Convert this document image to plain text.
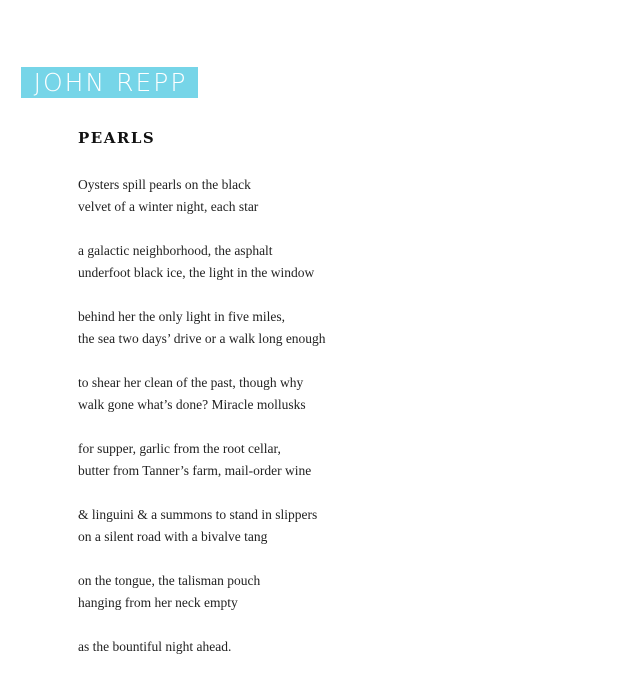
JOHN REPP
PEARLS

Oysters spill pearls on the black
velvet of a winter night, each star

a galactic neighborhood, the asphalt
underfoot black ice, the light in the window

behind her the only light in five miles,
the sea two days’ drive or a walk long enough

to shear her clean of the past, though why
walk gone what’s done? Miracle mollusks

for supper, garlic from the root cellar,
butter from Tanner’s farm, mail-order wine

& linguini & a summons to stand in slippers
on a silent road with a bivalve tang

on the tongue, the talisman pouch
hanging from her neck empty

as the bountiful night ahead.
